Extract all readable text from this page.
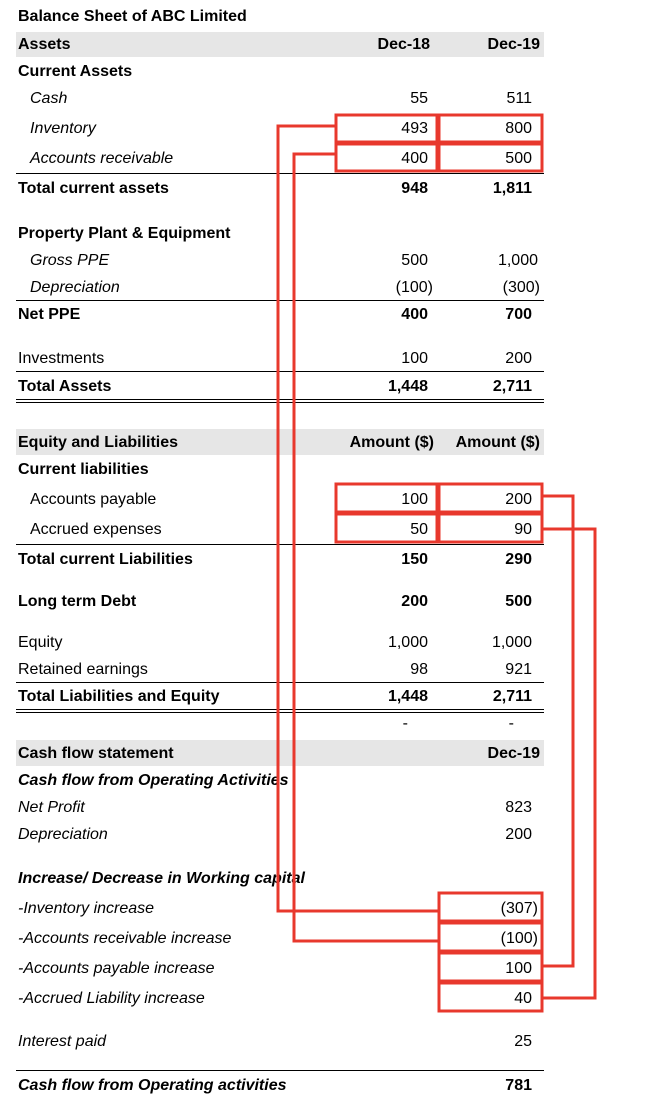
Balance Sheet of ABC Limited
Assets	Dec-18	Dec-19
Current Assets
Cash	55	511
Inventory	493	800
Accounts receivable	400	500
Total current assets	948	1,811
Property Plant & Equipment
Gross PPE	500	1,000
Depreciation	(100)	(300)
Net PPE	400	700
Investments	100	200
Total Assets	1,448	2,711
Equity and Liabilities	Amount ($)	Amount ($)
Current liabilities
Accounts payable	100	200
Accrued expenses	50	90
Total current Liabilities	150	290
Long term Debt	200	500
Equity	1,000	1,000
Retained earnings	98	921
Total Liabilities and Equity	1,448	2,711
-	-
Cash flow statement	Dec-19
Cash flow from Operating Activities
Net Profit	823
Depreciation	200
Increase/ Decrease in Working capital
-Inventory increase	(307)
-Accounts receivable increase	(100)
-Accounts payable increase	100
-Accrued Liability increase	40
Interest paid	25
Cash flow from Operating activities	781
